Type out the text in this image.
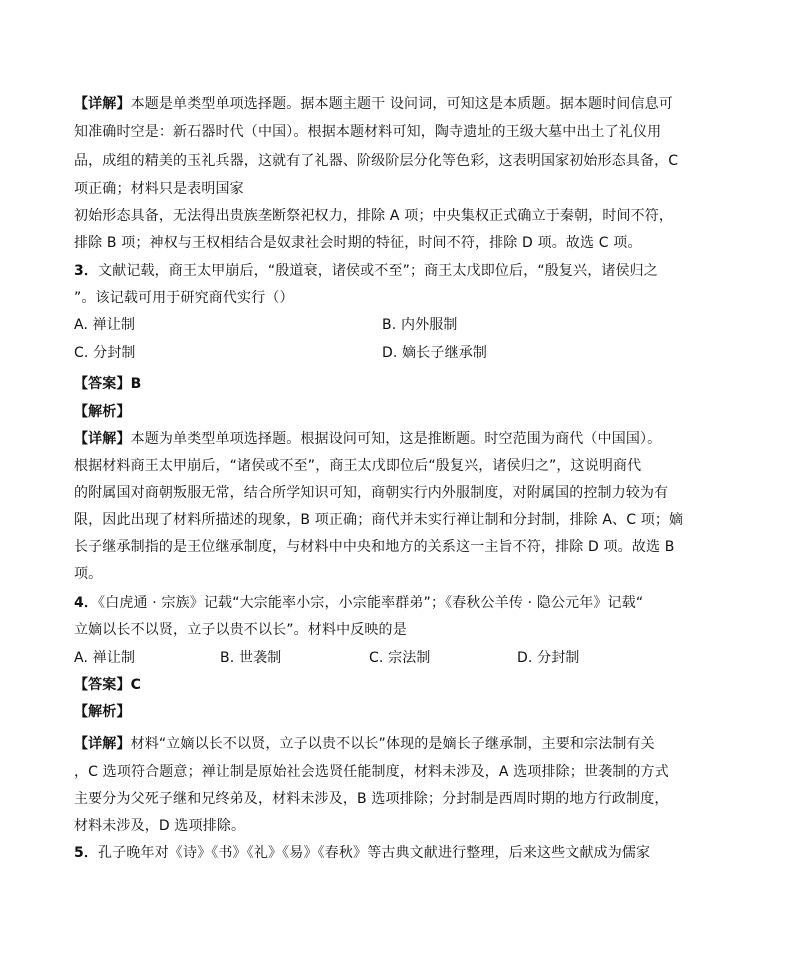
【详解】本题是单类型单项选择题。据本题主题干 设问词，可知这是本质题。据本题时间信息可
知准确时空是：新石器时代（中国）。根据本题材料可知，陶寺遗址的王级大墓中出土了礼仪用
品，成组的精美的玉礼兵器，这就有了礼器、阶级阶层分化等色彩，这表明国家初始形态具备，C
项正确；材料只是表明国家
初始形态具备，无法得出贵族垄断祭祀权力，排除 A 项；中央集权正式确立于秦朝，时间不符，
排除 B 项；神权与王权相结合是奴隶社会时期的特征，时间不符，排除 D 项。故选 C 项。
3．文献记载，商王太甲崩后，“殷道衰，诸侯或不至”；商王太戊即位后，“殷复兴，诸侯归之
”。该记载可用于研究商代实行（）
A. 禅让制	B. 内外服制
C. 分封制	D. 嫡长子继承制
【答案】B
【解析】
【详解】本题为单类型单项选择题。根据设问可知，这是推断题。时空范围为商代（中国国）。
根据材料商王太甲崩后，“诸侯或不至”，商王太戊即位后“殷复兴，诸侯归之”，这说明商代
的附属国对商朝叛服无常，结合所学知识可知，商朝实行内外服制度，对附属国的控制力较为有
限，因此出现了材料所描述的现象，B 项正确；商代并未实行禅让制和分封制，排除 A、C 项；嫡
长子继承制指的是王位继承制度，与材料中中央和地方的关系这一主旨不符，排除 D 项。故选 B
项。
4．《白虎通 · 宗族》记载“大宗能率小宗，小宗能率群弟”；《春秋公羊传 · 隐公元年》记载“
立嫡以长不以贤，立子以贵不以长”。材料中反映的是
A. 禅让制	B. 世袭制	C. 宗法制	D. 分封制
【答案】C
【解析】
【详解】材料“立嫡以长不以贤，立子以贵不以长”体现的是嫡长子继承制，主要和宗法制有关
，C 选项符合题意；禅让制是原始社会选贤任能制度，材料未涉及，A 选项排除；世袭制的方式
主要分为父死子继和兄终弟及，材料未涉及，B 选项排除；分封制是西周时期的地方行政制度，
材料未涉及，D 选项排除。
5．孔子晚年对《诗》《书》《礼》《易》《春秋》等古典文献进行整理，后来这些文献成为儒家
